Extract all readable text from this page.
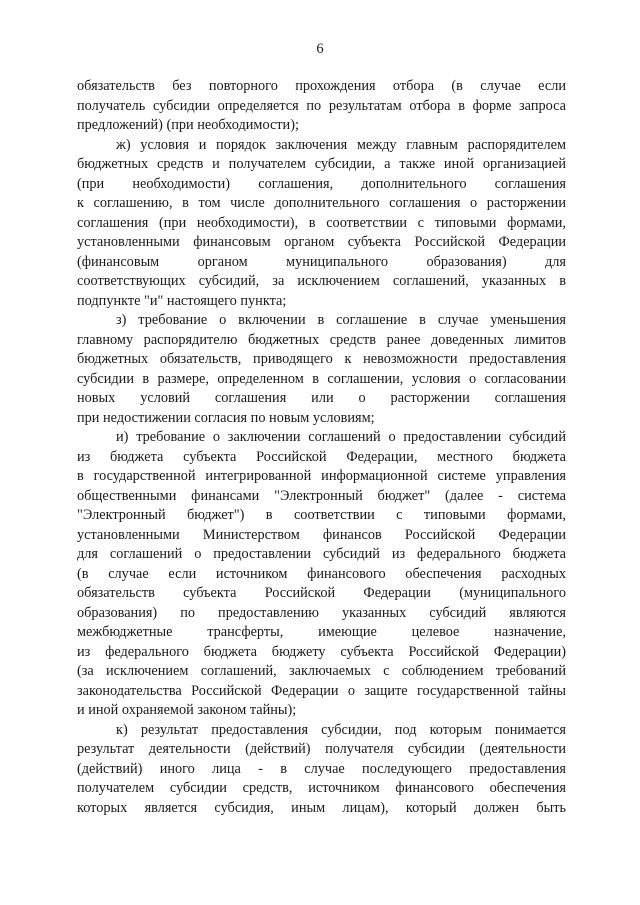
6
обязательств без повторного прохождения отбора (в случае если
получатель субсидии определяется по результатам отбора в форме запроса
предложений) (при необходимости);
ж) условия и порядок заключения между главным распорядителем
бюджетных средств и получателем субсидии, а также иной организацией
(при необходимости) соглашения, дополнительного соглашения
к соглашению, в том числе дополнительного соглашения о расторжении
соглашения (при необходимости), в соответствии с типовыми формами,
установленными финансовым органом субъекта Российской Федерации
(финансовым органом муниципального образования) для
соответствующих субсидий, за исключением соглашений, указанных в
подпункте "и" настоящего пункта;
з) требование о включении в соглашение в случае уменьшения
главному распорядителю бюджетных средств ранее доведенных лимитов
бюджетных обязательств, приводящего к невозможности предоставления
субсидии в размере, определенном в соглашении, условия о согласовании
новых условий соглашения или о расторжении соглашения
при недостижении согласия по новым условиям;
и) требование о заключении соглашений о предоставлении субсидий
из бюджета субъекта Российской Федерации, местного бюджета
в государственной интегрированной информационной системе управления
общественными финансами "Электронный бюджет" (далее - система
"Электронный бюджет") в соответствии с типовыми формами,
установленными Министерством финансов Российской Федерации
для соглашений о предоставлении субсидий из федерального бюджета
(в случае если источником финансового обеспечения расходных
обязательств субъекта Российской Федерации (муниципального
образования) по предоставлению указанных субсидий являются
межбюджетные трансферты, имеющие целевое назначение,
из федерального бюджета бюджету субъекта Российской Федерации)
(за исключением соглашений, заключаемых с соблюдением требований
законодательства Российской Федерации о защите государственной тайны
и иной охраняемой законом тайны);
к) результат предоставления субсидии, под которым понимается
результат деятельности (действий) получателя субсидии (деятельности
(действий) иного лица - в случае последующего предоставления
получателем субсидии средств, источником финансового обеспечения
которых является субсидия, иным лицам), который должен быть
